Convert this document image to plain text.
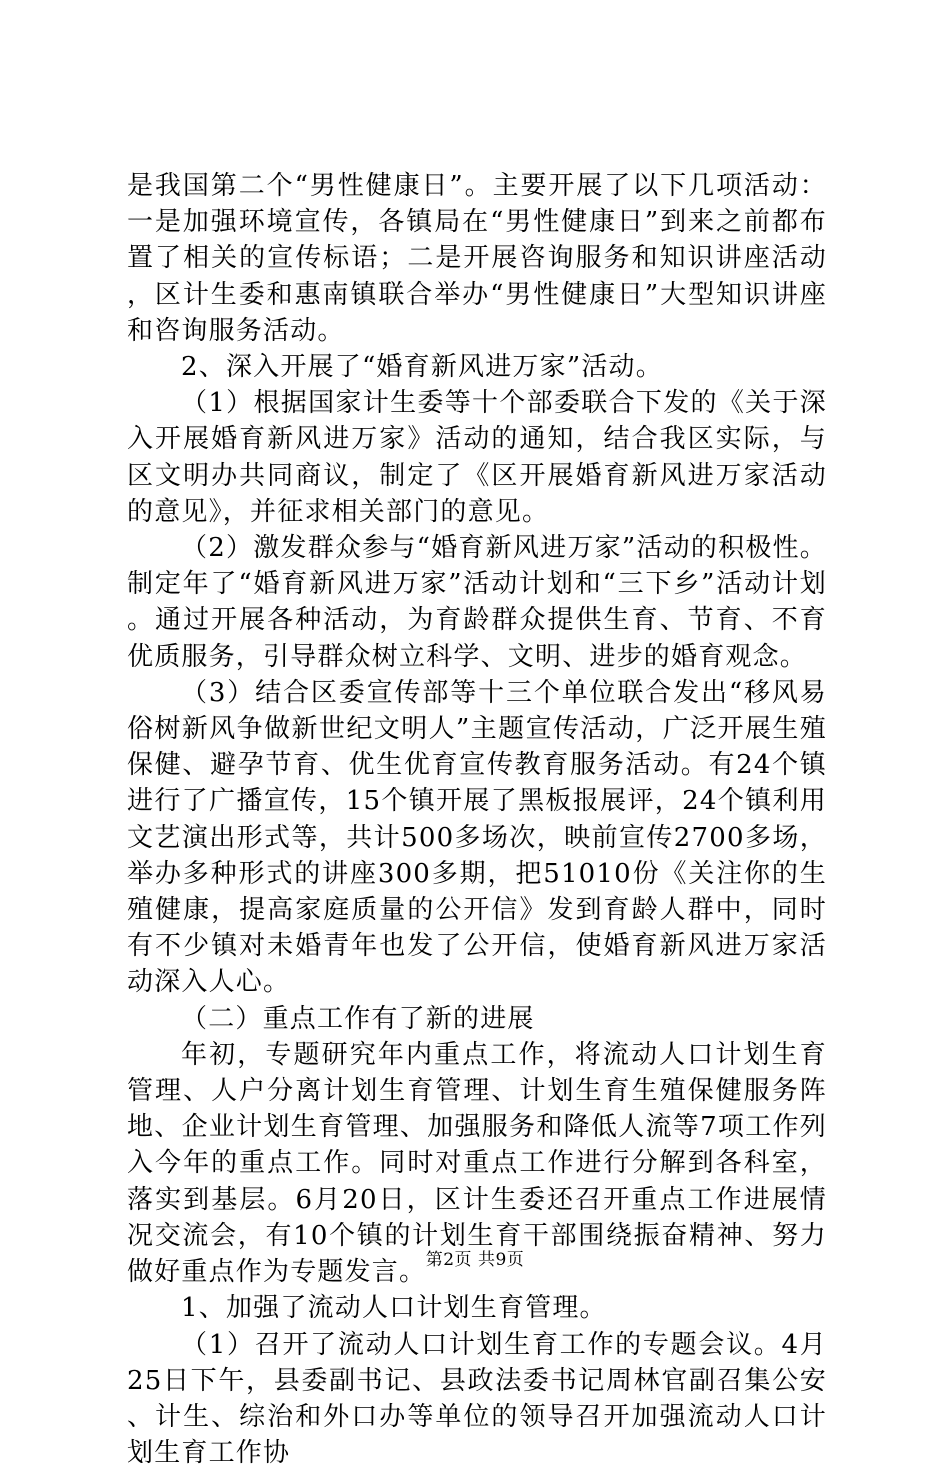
是我国第二个“男性健康日”。主要开展了以下几项活动：一是加强环境宣传，各镇局在“男性健康日”到来之前都布置了相关的宣传标语；二是开展咨询服务和知识讲座活动，区计生委和惠南镇联合举办“男性健康日”大型知识讲座和咨询服务活动。

2、深入开展了“婚育新风进万家”活动。

（1）根据国家计生委等十个部委联合下发的《关于深入开展婚育新风进万家》活动的通知，结合我区实际，与区文明办共同商议，制定了《区开展婚育新风进万家活动的意见》，并征求相关部门的意见。

（2）激发群众参与“婚育新风进万家”活动的积极性。制定年了“婚育新风进万家”活动计划和“三下乡”活动计划。通过开展各种活动，为育龄群众提供生育、节育、不育优质服务，引导群众树立科学、文明、进步的婚育观念。

（3）结合区委宣传部等十三个单位联合发出“移风易俗树新风争做新世纪文明人”主题宣传活动，广泛开展生殖保健、避孕节育、优生优育宣传教育服务活动。有24个镇进行了广播宣传，15个镇开展了黑板报展评，24个镇利用文艺演出形式等，共计500多场次，映前宣传2700多场，举办多种形式的讲座300多期，把51010份《关注你的生殖健康，提高家庭质量的公开信》发到育龄人群中，同时有不少镇对未婚青年也发了公开信，使婚育新风进万家活动深入人心。

（二）重点工作有了新的进展

年初，专题研究年内重点工作，将流动人口计划生育管理、人户分离计划生育管理、计划生育生殖保健服务阵地、企业计划生育管理、加强服务和降低人流等7项工作列入今年的重点工作。同时对重点工作进行分解到各科室，落实到基层。6月20日，区计生委还召开重点工作进展情况交流会，有10个镇的计划生育干部围绕振奋精神、努力做好重点作为专题发言。

1、加强了流动人口计划生育管理。

（1）召开了流动人口计划生育工作的专题会议。4月25日下午，县委副书记、县政法委书记周林官副召集公安、计生、综治和外口办等单位的领导召开加强流动人口计划生育工作协

第2页 共9页
